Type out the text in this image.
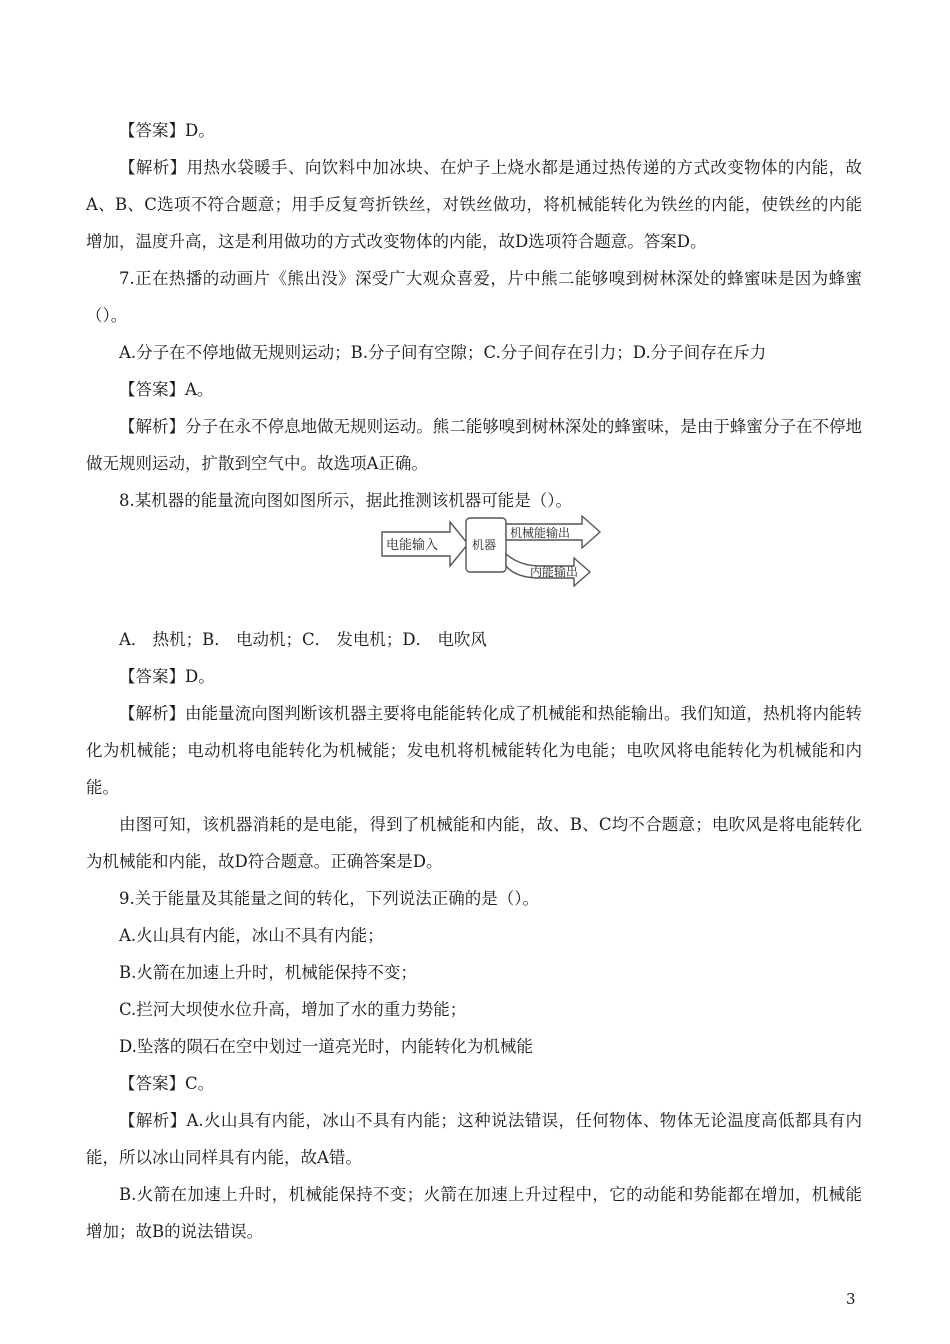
【答案】D。

【解析】用热水袋暖手、向饮料中加冰块、在炉子上烧水都是通过热传递的方式改变物体的内能，故A、B、C选项不符合题意；用手反复弯折铁丝，对铁丝做功，将机械能转化为铁丝的内能，使铁丝的内能增加，温度升高，这是利用做功的方式改变物体的内能，故D选项符合题意。答案D。

7.正在热播的动画片《熊出没》深受广大观众喜爱，片中熊二能够嗅到树林深处的蜂蜜味是因为蜂蜜（）。

A.分子在不停地做无规则运动；B.分子间有空隙；C.分子间存在引力；D.分子间存在斥力

【答案】A。

【解析】分子在永不停息地做无规则运动。熊二能够嗅到树林深处的蜂蜜味，是由于蜂蜜分子在不停地做无规则运动，扩散到空气中。故选项A正确。

8.某机器的能量流向图如图所示，据此推测该机器可能是（）。

电能输入	机器
机械能输出
内能输出

A． 热机；B． 电动机；C． 发电机；D． 电吹风

【答案】D。

【解析】由能量流向图判断该机器主要将电能能转化成了机械能和热能输出。我们知道，热机将内能转化为机械能；电动机将电能转化为机械能；发电机将机械能转化为电能；电吹风将电能转化为机械能和内能。

由图可知，该机器消耗的是电能，得到了机械能和内能，故、B、C均不合题意；电吹风是将电能转化为机械能和内能，故D符合题意。正确答案是D。

9.关于能量及其能量之间的转化，下列说法正确的是（）。

A.火山具有内能，冰山不具有内能；

B.火箭在加速上升时，机械能保持不变；

C.拦河大坝使水位升高，增加了水的重力势能；

D.坠落的陨石在空中划过一道亮光时，内能转化为机械能

【答案】C。

【解析】A.火山具有内能，冰山不具有内能；这种说法错误，任何物体、物体无论温度高低都具有内能，所以冰山同样具有内能，故A错。

B.火箭在加速上升时，机械能保持不变；火箭在加速上升过程中，它的动能和势能都在增加，机械能增加；故B的说法错误。

3
